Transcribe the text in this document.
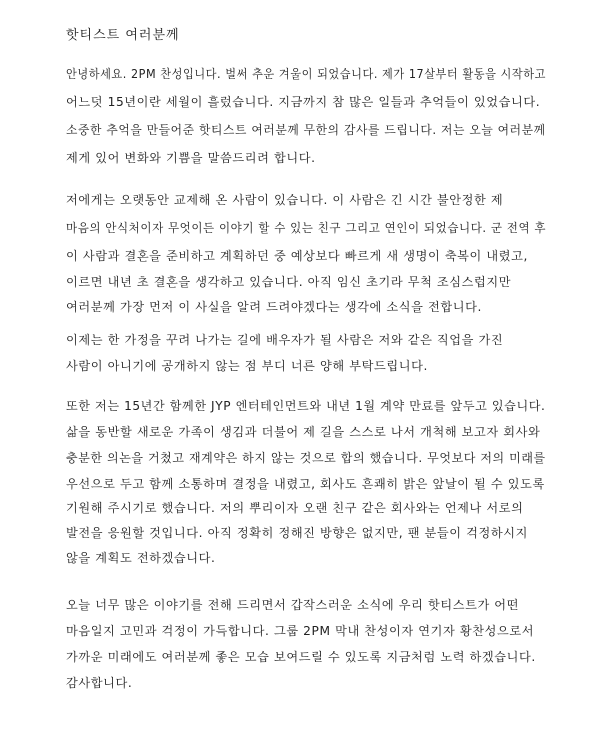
핫티스트 여러분께
안녕하세요. 2PM 찬성입니다. 벌써 추운 겨울이 되었습니다. 제가 17살부터 활동을 시작하고
어느덧 15년이란 세월이 흘렀습니다. 지금까지 참 많은 일들과 추억들이 있었습니다.
소중한 추억을 만들어준 핫티스트 여러분께 무한의 감사를 드립니다. 저는 오늘 여러분께
제게 있어 변화와 기쁨을 말씀드리려 합니다.
저에게는 오랫동안 교제해 온 사람이 있습니다. 이 사람은 긴 시간 불안정한 제
마음의 안식처이자 무엇이든 이야기 할 수 있는 친구 그리고 연인이 되었습니다. 군 전역 후
이 사람과 결혼을 준비하고 계획하던 중 예상보다 빠르게 새 생명이 축복이 내렸고,
이르면 내년 초 결혼을 생각하고 있습니다. 아직 임신 초기라 무척 조심스럽지만
여러분께 가장 먼저 이 사실을 알려 드려야겠다는 생각에 소식을 전합니다.
이제는 한 가정을 꾸려 나가는 길에 배우자가 될 사람은 저와 같은 직업을 가진
사람이 아니기에 공개하지 않는 점 부디 너른 양해 부탁드립니다.
또한 저는 15년간 함께한 JYP 엔터테인먼트와 내년 1월 계약 만료를 앞두고 있습니다.
삶을 동반할 새로운 가족이 생김과 더불어 제 길을 스스로 나서 개척해 보고자 회사와
충분한 의논을 거쳤고 재계약은 하지 않는 것으로 합의 했습니다. 무엇보다 저의 미래를
우선으로 두고 함께 소통하며 결정을 내렸고, 회사도 흔쾌히 밝은 앞날이 될 수 있도록
기원해 주시기로 했습니다. 저의 뿌리이자 오랜 친구 같은 회사와는 언제나 서로의
발전을 응원할 것입니다. 아직 정확히 정해진 방향은 없지만, 팬 분들이 걱정하시지
않을 계획도 전하겠습니다.
오늘 너무 많은 이야기를 전해 드리면서 갑작스러운 소식에 우리 핫티스트가 어떤
마음일지 고민과 걱정이 가득합니다. 그룹 2PM 막내 찬성이자 연기자 황찬성으로서
가까운 미래에도 여러분께 좋은 모습 보여드릴 수 있도록 지금처럼 노력 하겠습니다.
감사합니다.
